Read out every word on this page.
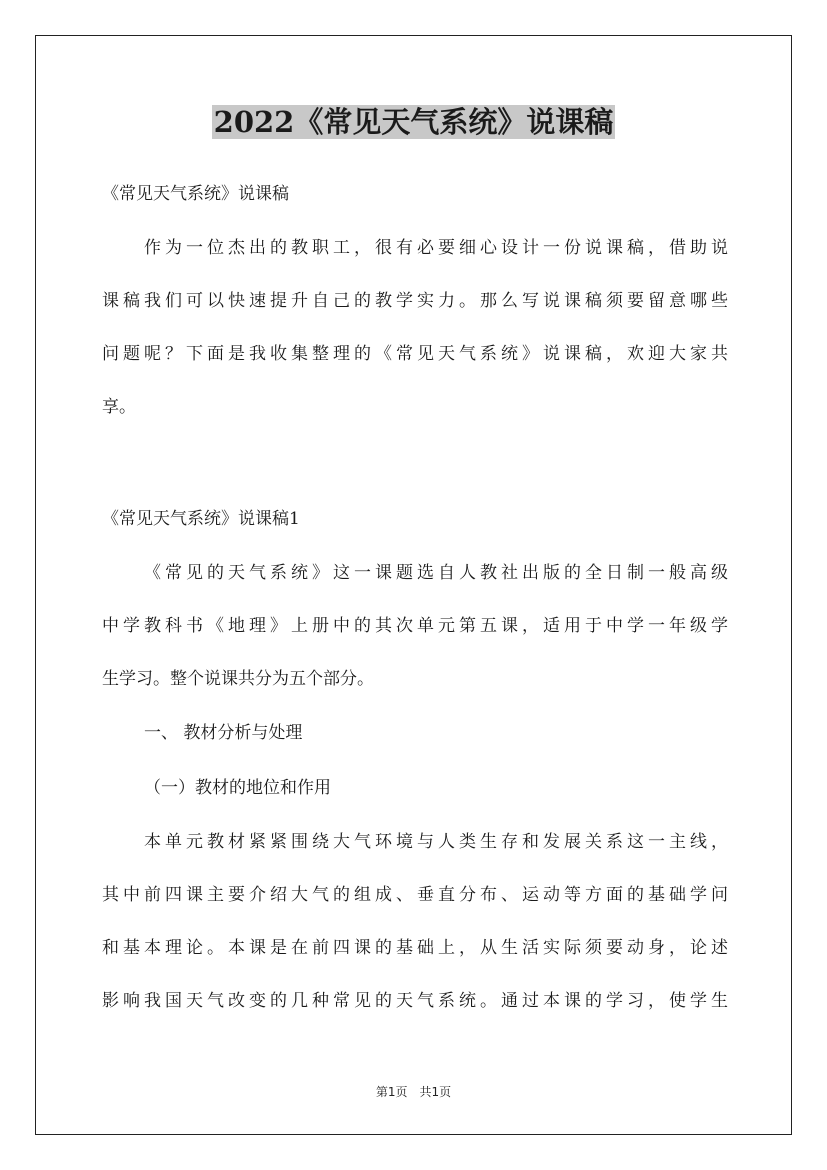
2022《常见天气系统》说课稿
《常见天气系统》说课稿
作为一位杰出的教职工，很有必要细心设计一份说课稿，借助说
课稿我们可以快速提升自己的教学实力。那么写说课稿须要留意哪些
问题呢？下面是我收集整理的《常见天气系统》说课稿，欢迎大家共
享。
《常见天气系统》说课稿1
《常见的天气系统》这一课题选自人教社出版的全日制一般高级
中学教科书《地理》上册中的其次单元第五课，适用于中学一年级学
生学习。整个说课共分为五个部分。
一、 教材分析与处理
（一）教材的地位和作用
本单元教材紧紧围绕大气环境与人类生存和发展关系这一主线，
其中前四课主要介绍大气的组成、垂直分布、运动等方面的基础学问
和基本理论。本课是在前四课的基础上，从生活实际须要动身，论述
影响我国天气改变的几种常见的天气系统。通过本课的学习，使学生
第1页　共1页
